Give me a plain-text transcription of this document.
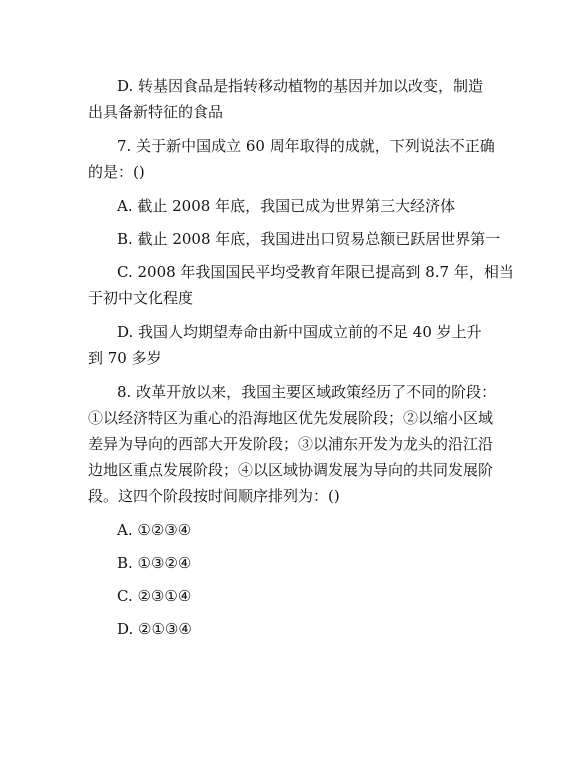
D. 转基因食品是指转移动植物的基因并加以改变，制造
出具备新特征的食品
7. 关于新中国成立 60 周年取得的成就，下列说法不正确
的是：()
A. 截止 2008 年底，我国已成为世界第三大经济体
B. 截止 2008 年底，我国进出口贸易总额已跃居世界第一
C. 2008 年我国国民平均受教育年限已提高到 8.7 年，相当
于初中文化程度
D. 我国人均期望寿命由新中国成立前的不足 40 岁上升
到 70 多岁
8. 改革开放以来，我国主要区域政策经历了不同的阶段：
①以经济特区为重心的沿海地区优先发展阶段；②以缩小区域
差异为导向的西部大开发阶段；③以浦东开发为龙头的沿江沿
边地区重点发展阶段；④以区域协调发展为导向的共同发展阶
段。这四个阶段按时间顺序排列为：()
A. ①②③④
B. ①③②④
C. ②③①④
D. ②①③④
